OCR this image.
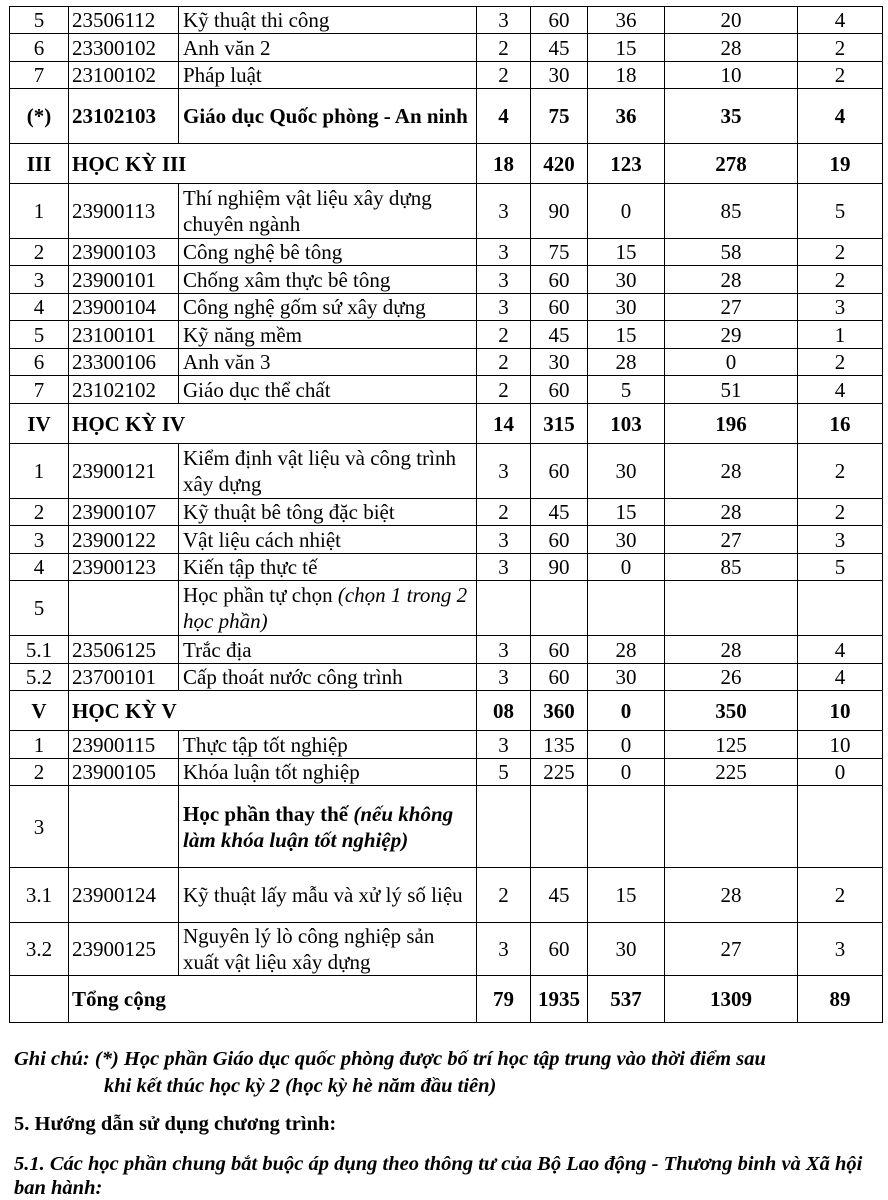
5	23506112	Kỹ thuật thi công	3	60	36	20	4
6	23300102	Anh văn 2	2	45	15	28	2
7	23100102	Pháp luật	2	30	18	10	2
(*)	23102103	Giáo dục Quốc phòng - An ninh	4	75	36	35	4
III	HỌC KỲ III		18	420	123	278	19
1	23900113	Thí nghiệm vật liệu xây dựng chuyên ngành	3	90	0	85	5
2	23900103	Công nghệ bê tông	3	75	15	58	2
3	23900101	Chống xâm thực bê tông	3	60	30	28	2
4	23900104	Công nghệ gốm sứ xây dựng	3	60	30	27	3
5	23100101	Kỹ năng mềm	2	45	15	29	1
6	23300106	Anh văn 3	2	30	28	0	2
7	23102102	Giáo dục thể chất	2	60	5	51	4
IV	HỌC KỲ IV		14	315	103	196	16
1	23900121	Kiểm định vật liệu và công trình xây dựng	3	60	30	28	2
2	23900107	Kỹ thuật bê tông đặc biệt	2	45	15	28	2
3	23900122	Vật liệu cách nhiệt	3	60	30	27	3
4	23900123	Kiến tập thực tế	3	90	0	85	5
5		Học phần tự chọn (chọn 1 trong 2 học phần)					
5.1	23506125	Trắc địa	3	60	28	28	4
5.2	23700101	Cấp thoát nước công trình	3	60	30	26	4
V	HỌC KỲ V		08	360	0	350	10
1	23900115	Thực tập tốt nghiệp	3	135	0	125	10
2	23900105	Khóa luận tốt nghiệp	5	225	0	225	0
3		Học phần thay thế (nếu không làm khóa luận tốt nghiệp)					
3.1	23900124	Kỹ thuật lấy mẫu và xử lý số liệu	2	45	15	28	2
3.2	23900125	Nguyên lý lò công nghiệp sản xuất vật liệu xây dựng	3	60	30	27	3
	Tổng cộng		79	1935	537	1309	89
Ghi chú: (*) Học phần Giáo dục quốc phòng được bố trí học tập trung vào thời điểm sau
khi kết thúc học kỳ 2 (học kỳ hè năm đầu tiên)
5. Hướng dẫn sử dụng chương trình:
5.1. Các học phần chung bắt buộc áp dụng theo thông tư của Bộ Lao động - Thương binh và Xã hội ban hành:
